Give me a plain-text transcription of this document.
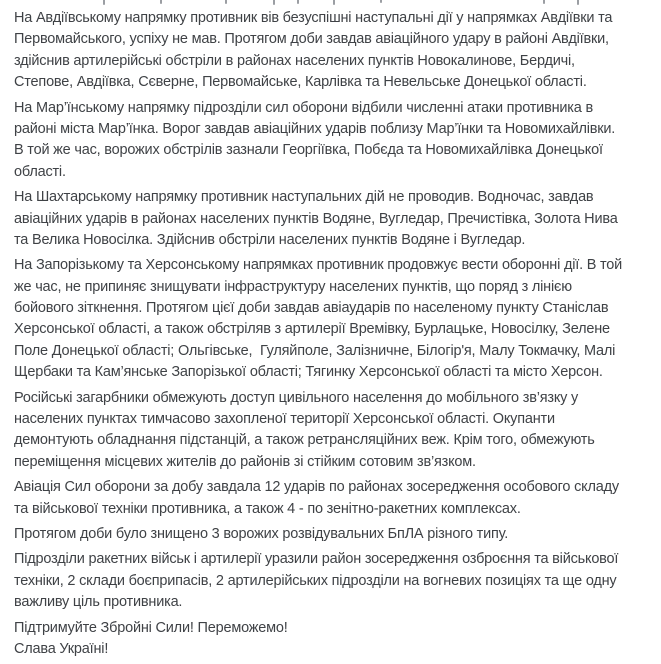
На Авдіївському напрямку противник вів безуспішні наступальні дії у напрямках Авдіївки та
Первомайського, успіху не мав. Протягом доби завдав авіаційного удару в районі Авдіївки,
здійснив артилерійські обстріли в районах населених пунктів Новокалинове, Бердичі,
Степове, Авдіївка, Сєверне, Первомайське, Карлівка та Невельське Донецької області.
На Мар’їнському напрямку підрозділи сил оборони відбили численні атаки противника в
районі міста Мар’їнка. Ворог завдав авіаційних ударів поблизу Мар’їнки та Новомихайлівки.
В той же час, ворожих обстрілів зазнали Георгіївка, Побєда та Новомихайлівка Донецької
області.
На Шахтарському напрямку противник наступальних дій не проводив. Водночас, завдав
авіаційних ударів в районах населених пунктів Водяне, Вугледар, Пречистівка, Золота Нива
та Велика Новосілка. Здійснив обстріли населених пунктів Водяне і Вугледар.
На Запорізькому та Херсонському напрямках противник продовжує вести оборонні дії. В той
же час, не припиняє знищувати інфраструктуру населених пунктів, що поряд з лінією
бойового зіткнення. Протягом цієї доби завдав авіаударів по населеному пункту Станіслав
Херсонської області, а також обстріляв з артилерії Времівку, Бурлацьке, Новосілку, Зелене
Поле Донецької області; Ольгівське,  Гуляйполе, Залізничне, Білогір'я, Малу Токмачку, Малі
Щербаки та Кам’янське Запорізької області; Тягинку Херсонської області та місто Херсон.
Російські загарбники обмежують доступ цивільного населення до мобільного зв’язку у
населених пунктах тимчасово захопленої території Херсонської області. Окупанти
демонтують обладнання підстанцій, а також ретрансляційних веж. Крім того, обмежують
переміщення місцевих жителів до районів зі стійким сотовим зв’язком.
Авіація Сил оборони за добу завдала 12 ударів по районах зосередження особового складу
та військової техніки противника, а також 4 - по зенітно-ракетних комплексах.
Протягом доби було знищено 3 ворожих розвідувальних БпЛА різного типу.
Підрозділи ракетних військ і артилерії уразили район зосередження озброєння та військової
техніки, 2 склади боєприпасів, 2 артилерійських підрозділи на вогневих позиціях та ще одну
важливу ціль противника.
Підтримуйте Збройні Сили! Переможемо!
Слава Україні!
